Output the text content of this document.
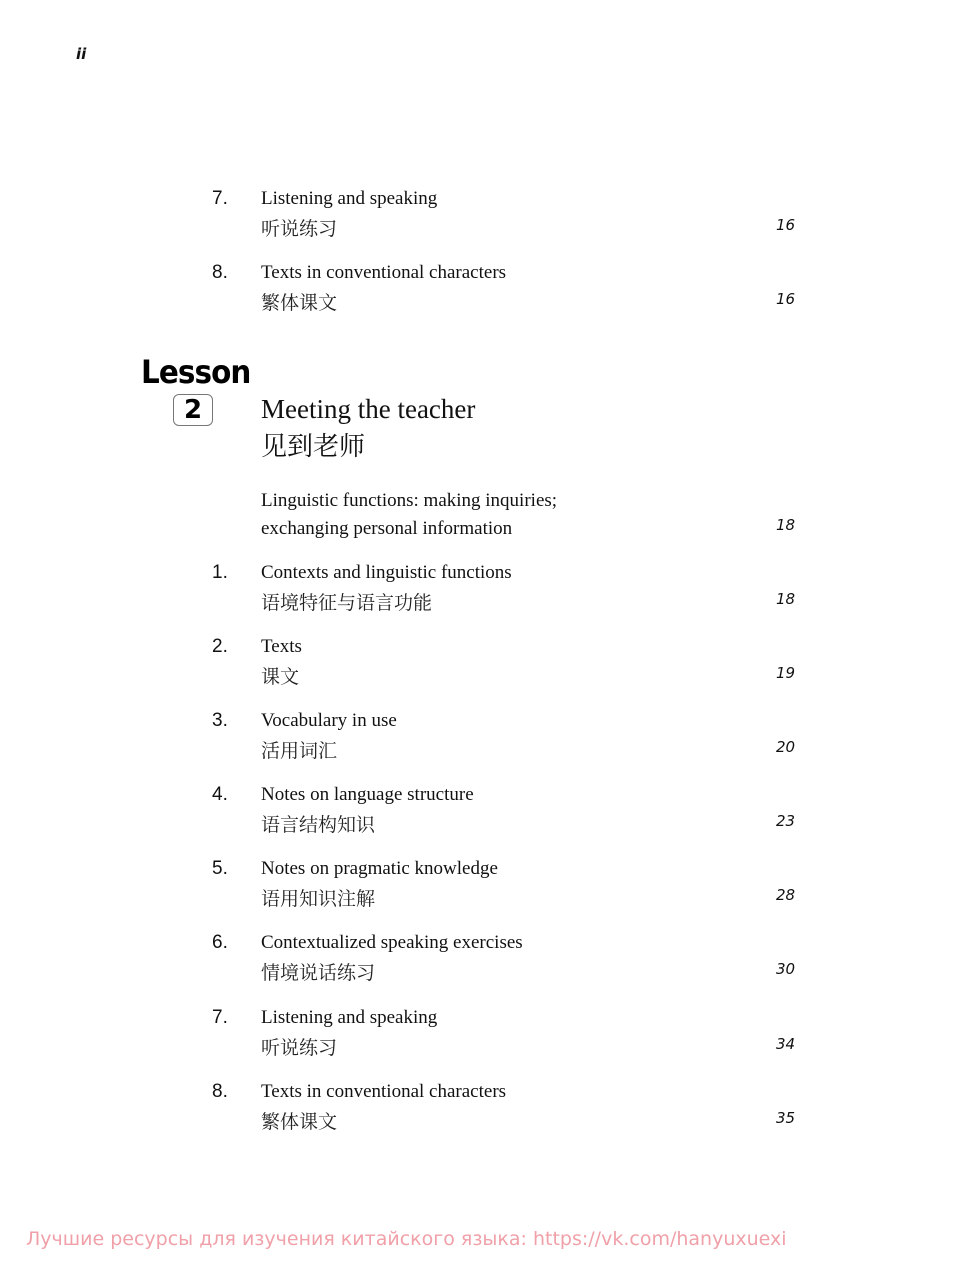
ii
7. Listening and speaking
听说练习	16
8. Texts in conventional characters
繁体课文	16
Lesson
2	Meeting the teacher
见到老师
Linguistic functions: making inquiries;
exchanging personal information	18
1. Contexts and linguistic functions
语境特征与语言功能	18
2. Texts
课文	19
3. Vocabulary in use
活用词汇	20
4. Notes on language structure
语言结构知识	23
5. Notes on pragmatic knowledge
语用知识注解	28
6. Contextualized speaking exercises
情境说话练习	30
7. Listening and speaking
听说练习	34
8. Texts in conventional characters
繁体课文	35
Лучшие ресурсы для изучения китайского языка: https://vk.com/hanyuxuexi
